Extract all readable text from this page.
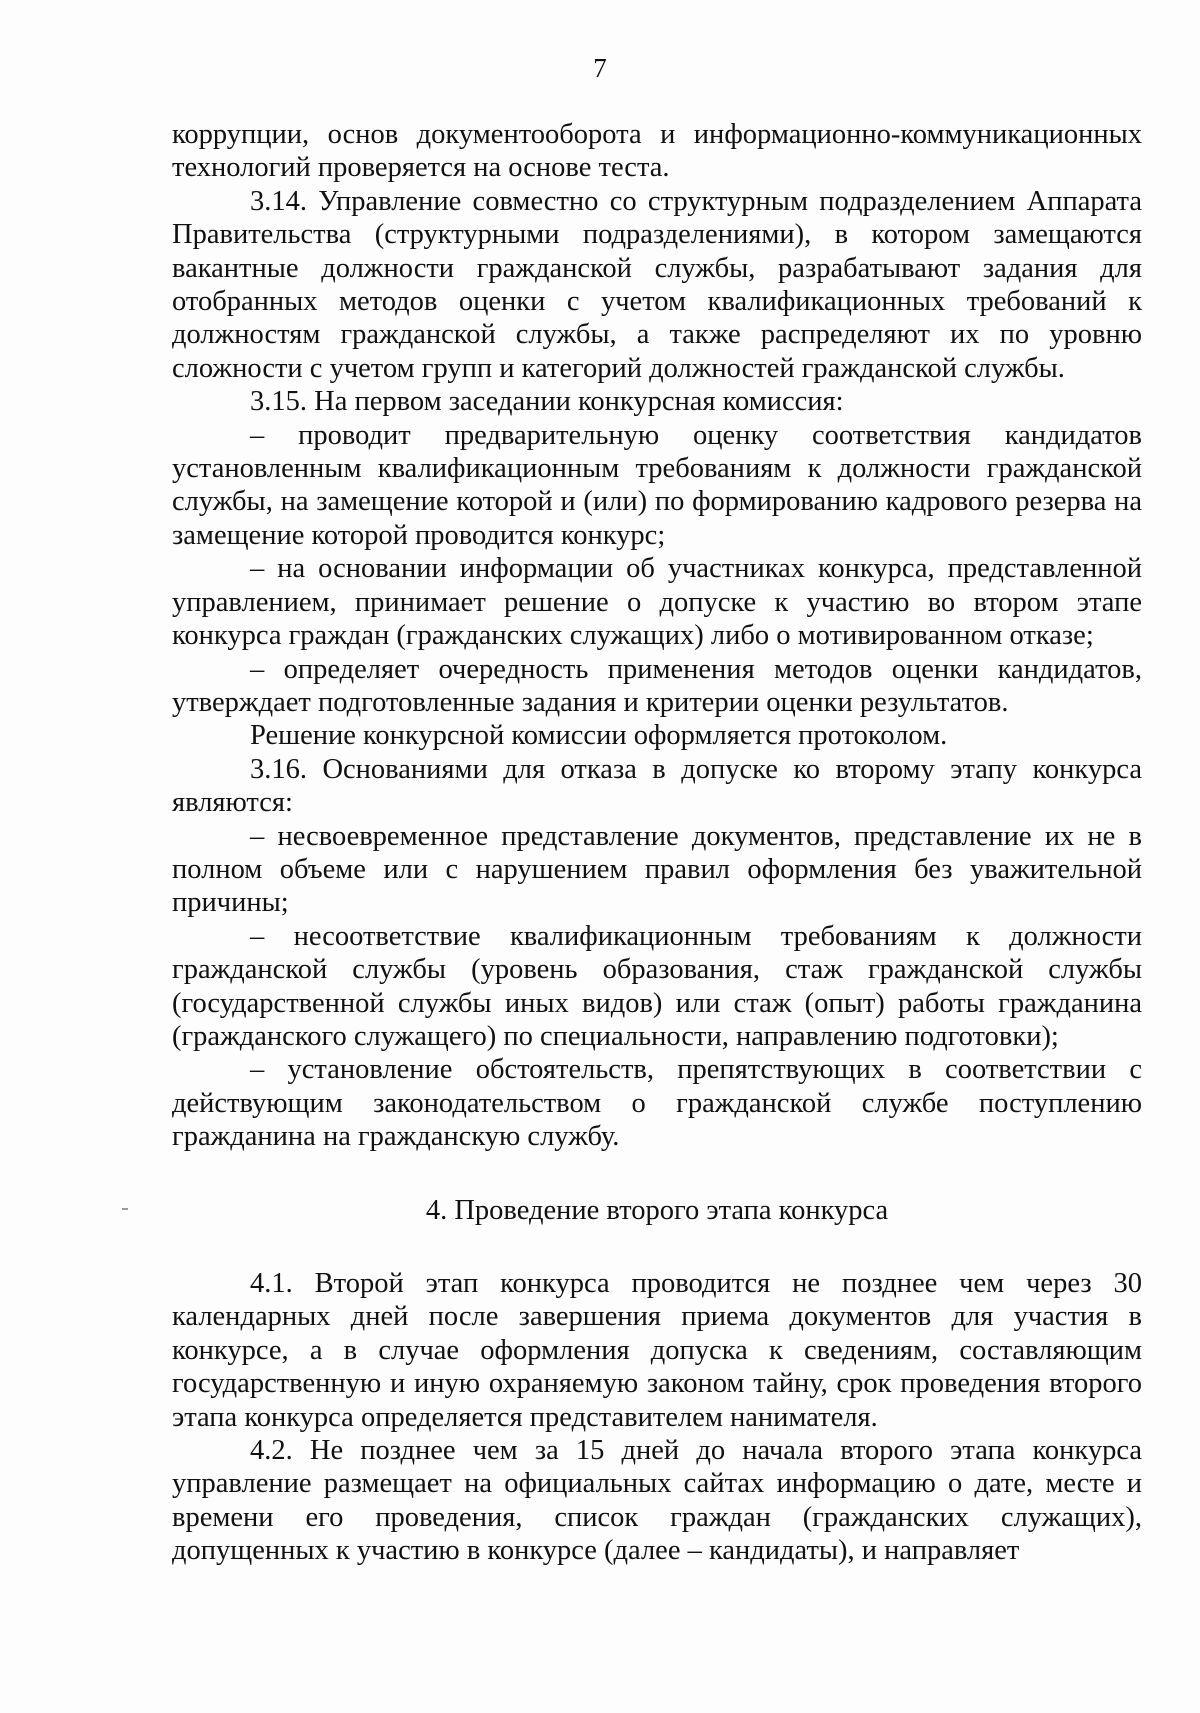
7

коррупции, основ документооборота и информационно-коммуникационных технологий проверяется на основе теста.

3.14. Управление совместно со структурным подразделением Аппарата Правительства (структурными подразделениями), в котором замещаются вакантные должности гражданской службы, разрабатывают задания для отобранных методов оценки с учетом квалификационных требований к должностям гражданской службы, а также распределяют их по уровню сложности с учетом групп и категорий должностей гражданской службы.

3.15. На первом заседании конкурсная комиссия:

– проводит предварительную оценку соответствия кандидатов установленным квалификационным требованиям к должности гражданской службы, на замещение которой и (или) по формированию кадрового резерва на замещение которой проводится конкурс;

– на основании информации об участниках конкурса, представленной управлением, принимает решение о допуске к участию во втором этапе конкурса граждан (гражданских служащих) либо о мотивированном отказе;

– определяет очередность применения методов оценки кандидатов, утверждает подготовленные задания и критерии оценки результатов.

Решение конкурсной комиссии оформляется протоколом.

3.16. Основаниями для отказа в допуске ко второму этапу конкурса являются:

– несвоевременное представление документов, представление их не в полном объеме или с нарушением правил оформления без уважительной причины;

– несоответствие квалификационным требованиям к должности гражданской службы (уровень образования, стаж гражданской службы (государственной службы иных видов) или стаж (опыт) работы гражданина (гражданского служащего) по специальности, направлению подготовки);

– установление обстоятельств, препятствующих в соответствии с действующим законодательством о гражданской службе поступлению гражданина на гражданскую службу.

4. Проведение второго этапа конкурса

4.1. Второй этап конкурса проводится не позднее чем через 30 календарных дней после завершения приема документов для участия в конкурсе, а в случае оформления допуска к сведениям, составляющим государственную и иную охраняемую законом тайну, срок проведения второго этапа конкурса определяется представителем нанимателя.

4.2. Не позднее чем за 15 дней до начала второго этапа конкурса управление размещает на официальных сайтах информацию о дате, месте и времени его проведения, список граждан (гражданских служащих), допущенных к участию в конкурсе (далее – кандидаты), и направляет
